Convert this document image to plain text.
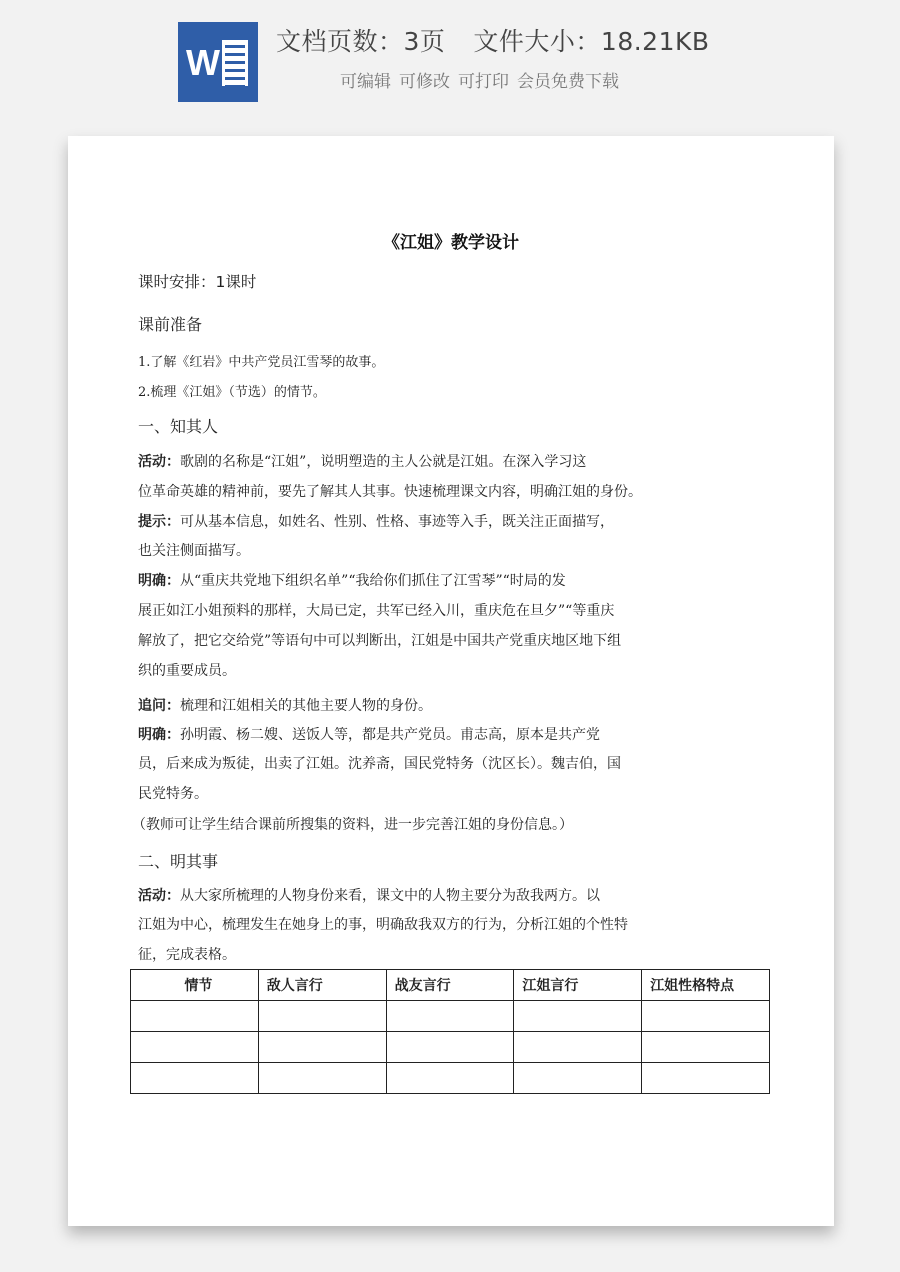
W
文档页数：3页 文件大小：18.21KB
可编辑 可修改 可打印 会员免费下载
《江姐》教学设计
课时安排：1课时
课前准备
1.了解《红岩》中共产党员江雪琴的故事。
2.梳理《江姐》（节选）的情节。
一、知其人
活动：歌剧的名称是“江姐”，说明塑造的主人公就是江姐。在深入学习这
位革命英雄的精神前，要先了解其人其事。快速梳理课文内容，明确江姐的身份。
提示：可从基本信息，如姓名、性别、性格、事迹等入手，既关注正面描写，
也关注侧面描写。
明确：从“重庆共党地下组织名单”“我给你们抓住了江雪琴”“时局的发
展正如江小姐预料的那样，大局已定，共军已经入川，重庆危在旦夕”“等重庆
解放了，把它交给党”等语句中可以判断出，江姐是中国共产党重庆地区地下组
织的重要成员。
追问：梳理和江姐相关的其他主要人物的身份。
明确：孙明霞、杨二嫂、送饭人等，都是共产党员。甫志高，原本是共产党
员，后来成为叛徒，出卖了江姐。沈养斋，国民党特务（沈区长）。魏吉伯，国
民党特务。
（教师可让学生结合课前所搜集的资料，进一步完善江姐的身份信息。）
二、明其事
活动：从大家所梳理的人物身份来看，课文中的人物主要分为敌我两方。以
江姐为中心，梳理发生在她身上的事，明确敌我双方的行为，分析江姐的个性特
征，完成表格。
情节	敌人言行	战友言行	江姐言行	江姐性格特点
